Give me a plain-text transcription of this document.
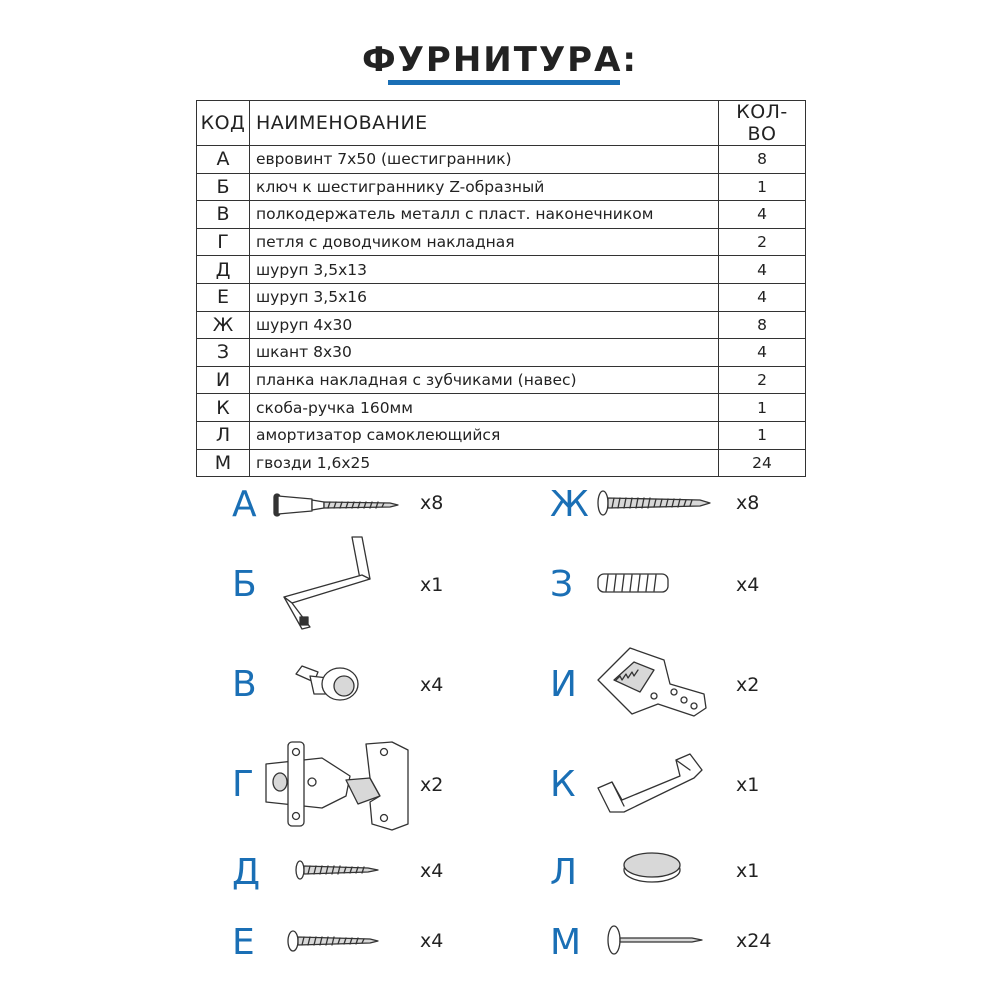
ФУРНИТУРА:
КОД	НАИМЕНОВАНИЕ	КОЛ-ВО
А	евровинт 7х50 (шестигранник)	8
Б	ключ к шестиграннику Z-образный	1
В	полкодержатель металл с пласт. наконечником	4
Г	петля с доводчиком накладная	2
Д	шуруп 3,5х13	4
Е	шуруп 3,5х16	4
Ж	шуруп 4х30	8
З	шкант 8х30	4
И	планка накладная с зубчиками (навес)	2
К	скоба-ручка 160мм	1
Л	амортизатор самоклеющийся	1
М	гвозди 1,6х25	24
А	x8
Б	x1
В	x4
Г	x2
Д	x4
Е	x4
Ж	x8
З	x4
И	x2
К	x1
Л	x1
М	x24
